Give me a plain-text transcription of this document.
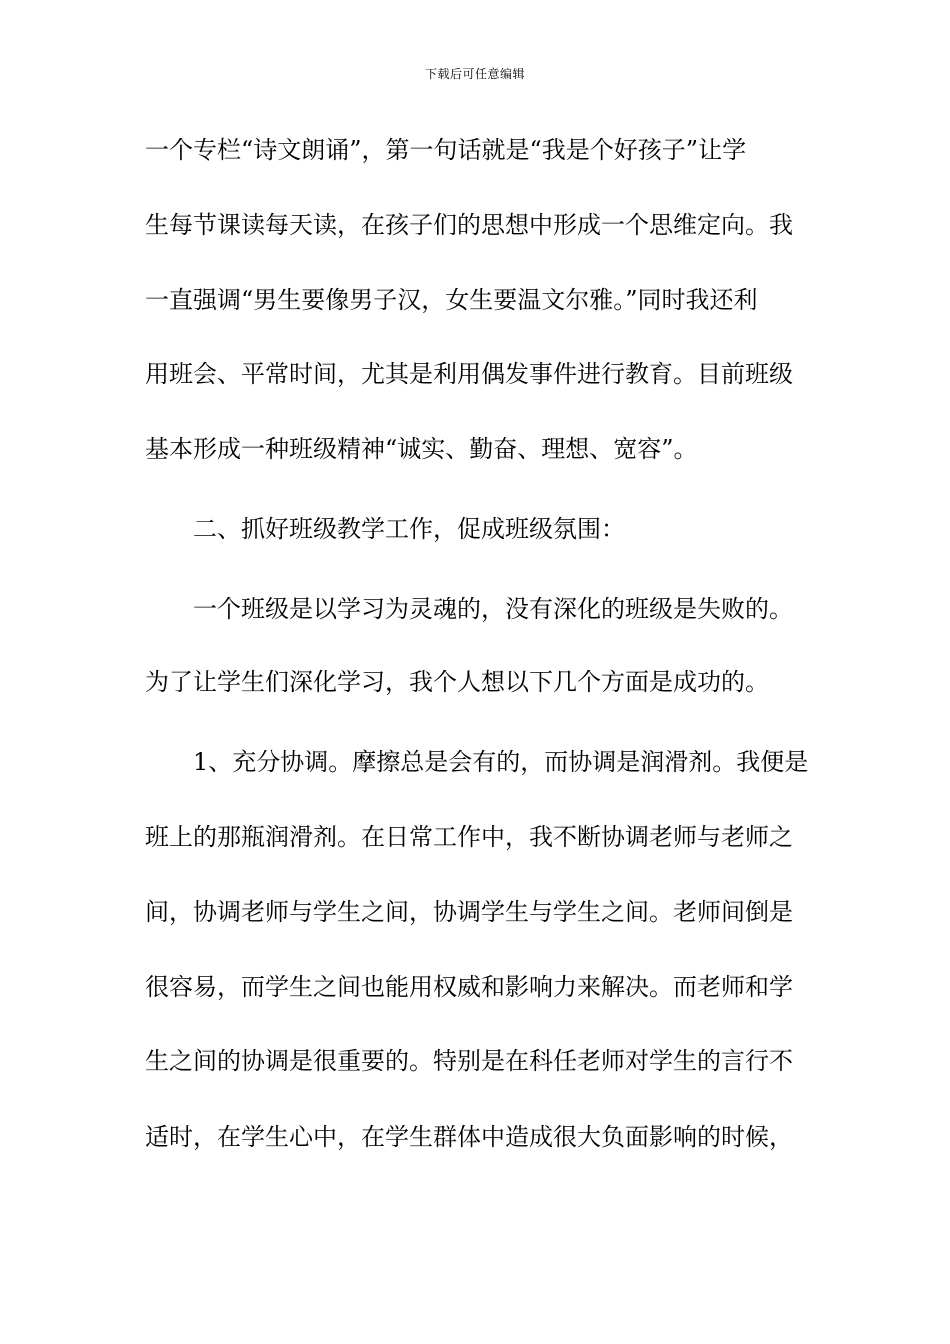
下载后可任意编辑
一个专栏“诗文朗诵”，第一句话就是“我是个好孩子”让学
生每节课读每天读，在孩子们的思想中形成一个思维定向。我
一直强调“男生要像男子汉，女生要温文尔雅。”同时我还利
用班会、平常时间，尤其是利用偶发事件进行教育。目前班级
基本形成一种班级精神“诚实、勤奋、理想、宽容”。
二、抓好班级教学工作，促成班级氛围：
一个班级是以学习为灵魂的，没有深化的班级是失败的。
为了让学生们深化学习，我个人想以下几个方面是成功的。
1、充分协调。摩擦总是会有的，而协调是润滑剂。我便是
班上的那瓶润滑剂。在日常工作中，我不断协调老师与老师之
间，协调老师与学生之间，协调学生与学生之间。老师间倒是
很容易，而学生之间也能用权威和影响力来解决。而老师和学
生之间的协调是很重要的。特别是在科任老师对学生的言行不
适时，在学生心中，在学生群体中造成很大负面影响的时候，
